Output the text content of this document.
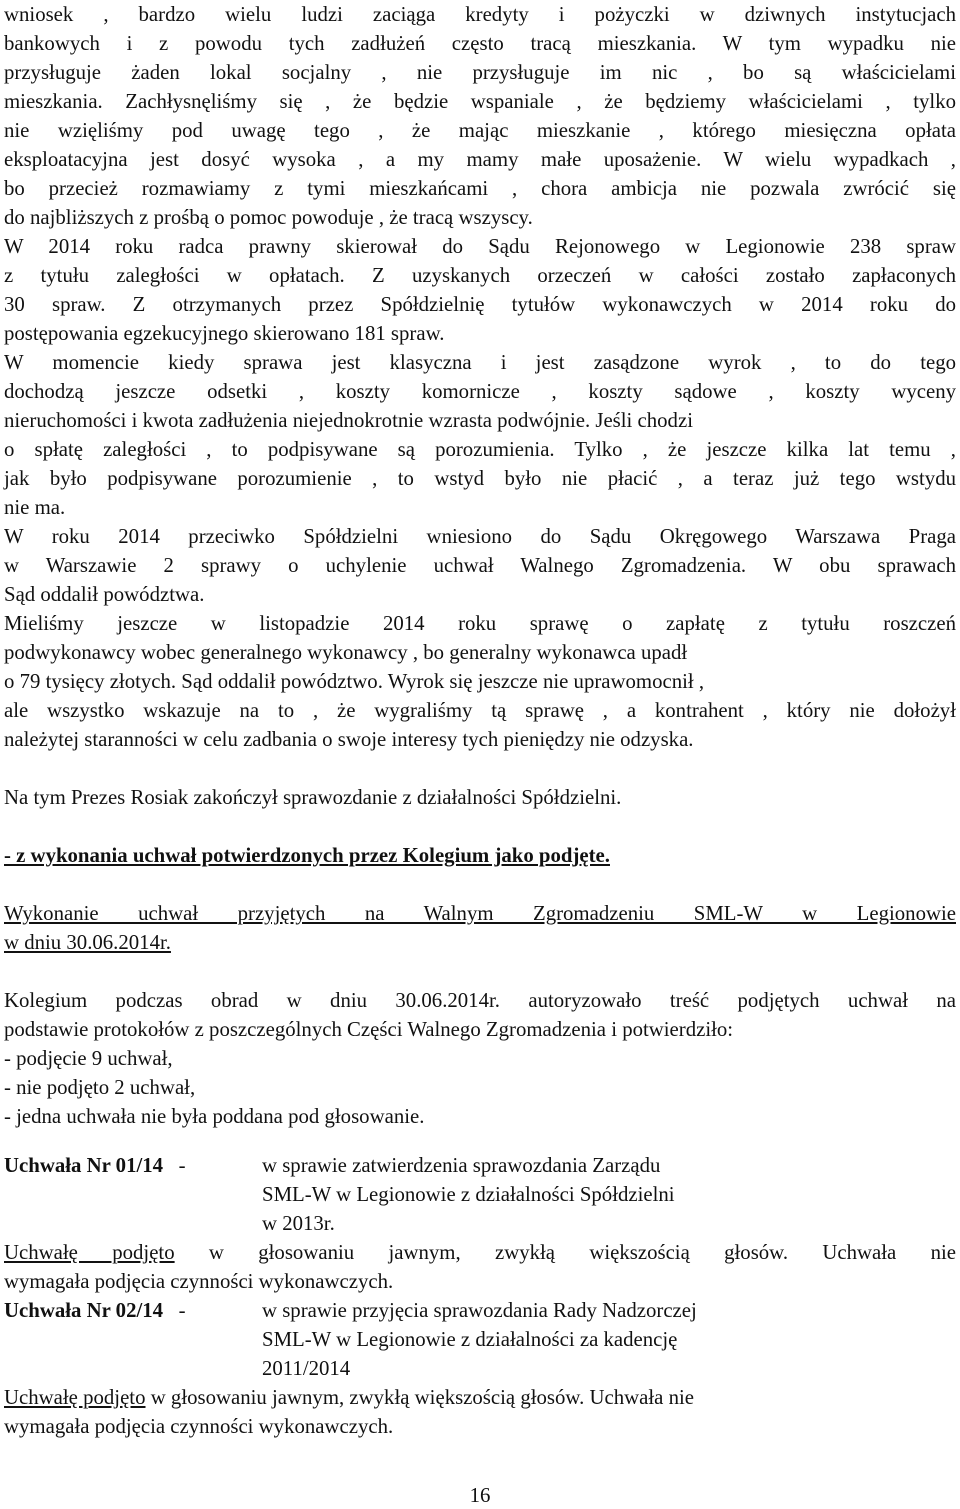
wniosek , bardzo wielu ludzi zaciąga kredyty i pożyczki w dziwnych instytucjach
bankowych i z powodu tych zadłużeń często tracą mieszkania. W tym wypadku nie
przysługuje żaden lokal socjalny , nie przysługuje im nic , bo są właścicielami
mieszkania. Zachłysnęliśmy się , że będzie wspaniale , że będziemy właścicielami , tylko
nie wzięliśmy pod uwagę tego , że mając mieszkanie , którego miesięczna opłata
eksploatacyjna jest dosyć wysoka , a my mamy małe uposażenie. W wielu wypadkach ,
bo przecież rozmawiamy z tymi mieszkańcami , chora ambicja nie pozwala zwrócić się
do najbliższych z prośbą o pomoc powoduje , że tracą wszyscy.
W 2014 roku radca prawny skierował do Sądu Rejonowego w Legionowie 238 spraw
z tytułu zaległości w opłatach. Z uzyskanych orzeczeń w całości zostało zapłaconych
30 spraw. Z otrzymanych przez Spółdzielnię tytułów wykonawczych w 2014 roku do
postępowania egzekucyjnego skierowano 181 spraw.
W momencie kiedy sprawa jest klasyczna i jest zasądzone wyrok , to do tego
dochodzą jeszcze odsetki , koszty komornicze , koszty sądowe , koszty wyceny
nieruchomości i kwota zadłużenia niejednokrotnie wzrasta podwójnie. Jeśli chodzi
o spłatę zaległości , to podpisywane są porozumienia. Tylko , że jeszcze kilka lat temu ,
jak było podpisywane porozumienie , to wstyd było nie płacić , a teraz już tego wstydu
nie ma.
W roku 2014 przeciwko Spółdzielni wniesiono do Sądu Okręgowego Warszawa Praga
w Warszawie 2 sprawy o uchylenie uchwał Walnego Zgromadzenia. W obu sprawach
Sąd oddalił powództwa.
Mieliśmy jeszcze w listopadzie 2014 roku sprawę o zapłatę z tytułu roszczeń
podwykonawcy wobec generalnego wykonawcy , bo generalny wykonawca upadł
o 79 tysięcy złotych. Sąd oddalił powództwo. Wyrok się jeszcze nie uprawomocnił ,
ale wszystko wskazuje na to , że wygraliśmy tą sprawę , a kontrahent , który nie dołożył
należytej staranności w celu zadbania o swoje interesy tych pieniędzy nie odzyska.
Na tym Prezes Rosiak zakończył sprawozdanie z działalności Spółdzielni.
- z wykonania uchwał potwierdzonych przez Kolegium jako podjęte.
Wykonanie uchwał przyjętych na Walnym Zgromadzeniu SML-W w Legionowie
w dniu 30.06.2014r.
Kolegium podczas obrad w dniu 30.06.2014r. autoryzowało treść podjętych uchwał na
podstawie protokołów z poszczególnych Części Walnego Zgromadzenia i potwierdziło:
- podjęcie 9 uchwał,
- nie podjęto 2 uchwał,
- jedna uchwała nie była poddana pod głosowanie.
Uchwała Nr 01/14 -	w sprawie zatwierdzenia sprawozdania Zarządu
SML-W w Legionowie z działalności Spółdzielni
w 2013r.
Uchwałę podjęto w głosowaniu jawnym, zwykłą większością głosów. Uchwała nie
wymagała podjęcia czynności wykonawczych.
Uchwała Nr 02/14 -	w sprawie przyjęcia sprawozdania Rady Nadzorczej
SML-W w Legionowie z działalności za kadencję
2011/2014
Uchwałę podjęto w głosowaniu jawnym, zwykłą większością głosów. Uchwała nie
wymagała podjęcia czynności wykonawczych.
16
